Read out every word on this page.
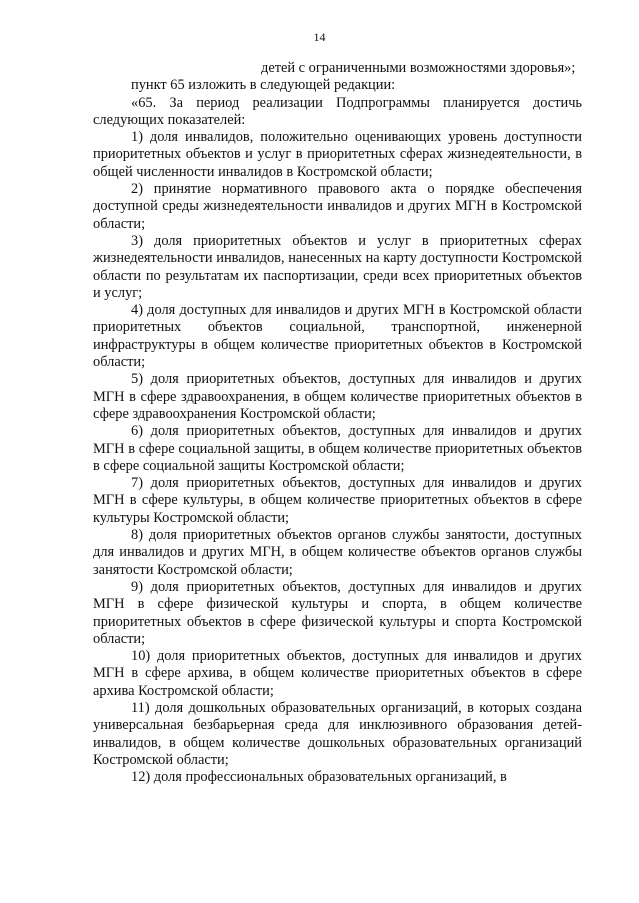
14

детей с ограниченными возможностями здоровья»;

пункт 65 изложить в следующей редакции:

«65. За период реализации Подпрограммы планируется достичь следующих показателей:

1) доля инвалидов, положительно оценивающих уровень доступности приоритетных объектов и услуг в приоритетных сферах жизнедеятельности, в общей численности инвалидов в Костромской области;

2) принятие нормативного правового акта о порядке обеспечения доступной среды жизнедеятельности инвалидов и других МГН в Костромской области;

3) доля приоритетных объектов и услуг в приоритетных сферах жизнедеятельности инвалидов, нанесенных на карту доступности Костромской области по результатам их паспортизации, среди всех приоритетных объектов и услуг;

4) доля доступных для инвалидов и других МГН в Костромской области приоритетных объектов социальной, транспортной, инженерной инфраструктуры в общем количестве приоритетных объектов в Костромской области;

5) доля приоритетных объектов, доступных для инвалидов и других МГН в сфере здравоохранения, в общем количестве приоритетных объектов в сфере здравоохранения Костромской области;

6) доля приоритетных объектов, доступных для инвалидов и других МГН в сфере социальной защиты, в общем количестве приоритетных объектов в сфере социальной защиты Костромской области;

7) доля приоритетных объектов, доступных для инвалидов и других МГН в сфере культуры, в общем количестве приоритетных объектов в сфере культуры Костромской области;

8) доля приоритетных объектов органов службы занятости, доступных для инвалидов и других МГН, в общем количестве объектов органов службы занятости Костромской области;

9) доля приоритетных объектов, доступных для инвалидов и других МГН в сфере физической культуры и спорта, в общем количестве приоритетных объектов в сфере физической культуры и спорта Костромской области;

10) доля приоритетных объектов, доступных для инвалидов и других МГН в сфере архива, в общем количестве приоритетных объектов в сфере архива Костромской области;

11) доля дошкольных образовательных организаций, в которых создана универсальная безбарьерная среда для инклюзивного образования детей-инвалидов, в общем количестве дошкольных образовательных организаций Костромской области;

12) доля профессиональных образовательных организаций, в
